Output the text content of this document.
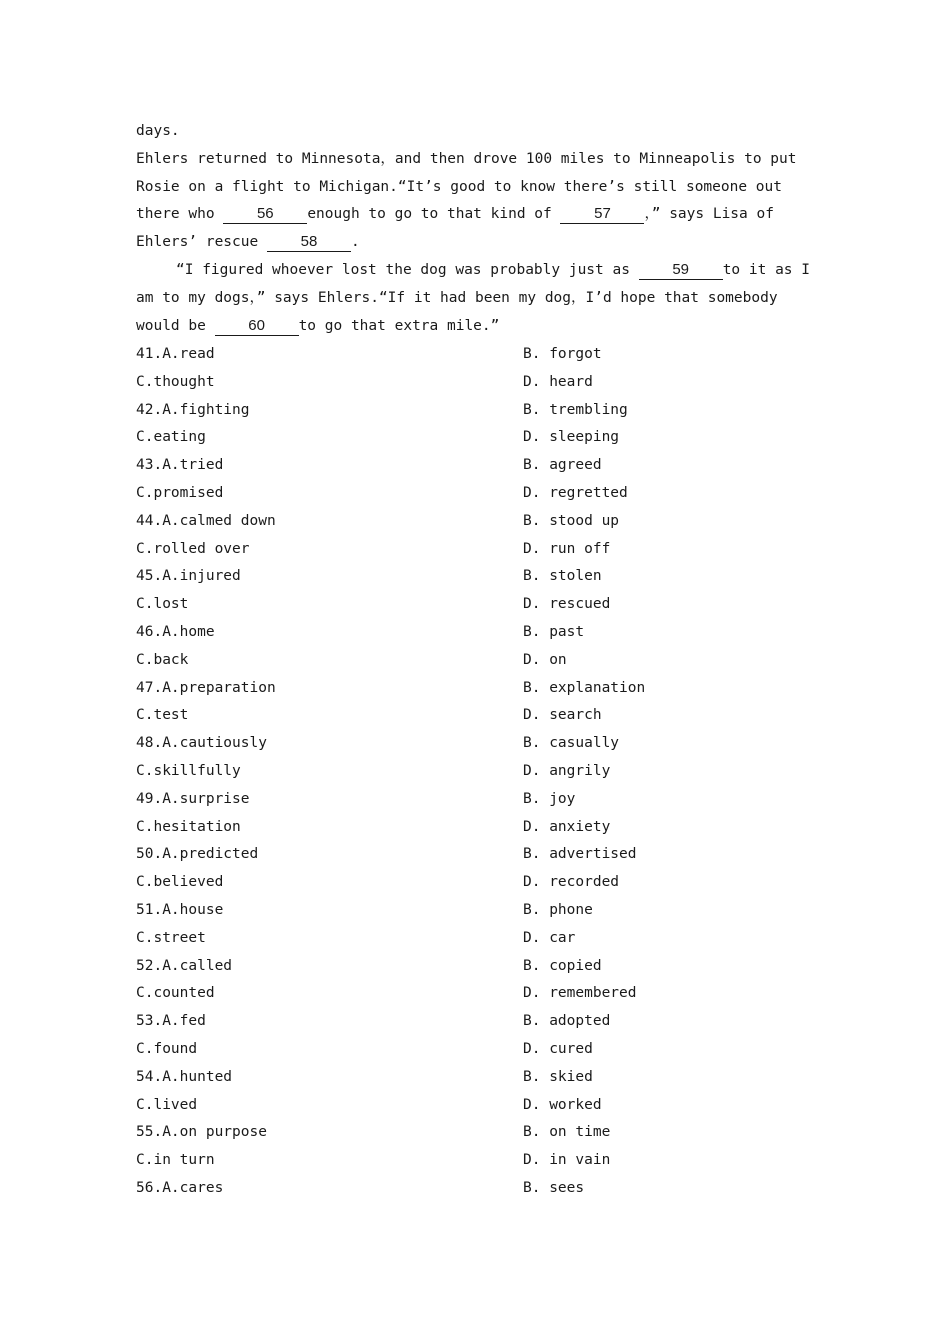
days.
Ehlers returned to Minnesota，and then drove 100 miles to Minneapolis to put
Rosie on a flight to Michigan.“It’s good to know there’s still someone out
there who 56 enough to go to that kind of 57 ，” says Lisa of
Ehlers’ rescue 58 .
“I figured whoever lost the dog was probably just as 59 to it as I
am to my dogs，” says Ehlers.“If it had been my dog，I’d hope that somebody
would be 60 to go that extra mile.”
41.A.read	B. forgot
C.thought	D. heard
42.A.fighting	B. trembling
C.eating	D. sleeping
43.A.tried	B. agreed
C.promised	D. regretted
44.A.calmed down	B. stood up
C.rolled over	D. run off
45.A.injured	B. stolen
C.lost	D. rescued
46.A.home	B. past
C.back	D. on
47.A.preparation	B. explanation
C.test	D. search
48.A.cautiously	B. casually
C.skillfully	D. angrily
49.A.surprise	B. joy
C.hesitation	D. anxiety
50.A.predicted	B. advertised
C.believed	D. recorded
51.A.house	B. phone
C.street	D. car
52.A.called	B. copied
C.counted	D. remembered
53.A.fed	B. adopted
C.found	D. cured
54.A.hunted	B. skied
C.lived	D. worked
55.A.on purpose	B. on time
C.in turn	D. in vain
56.A.cares	B. sees
